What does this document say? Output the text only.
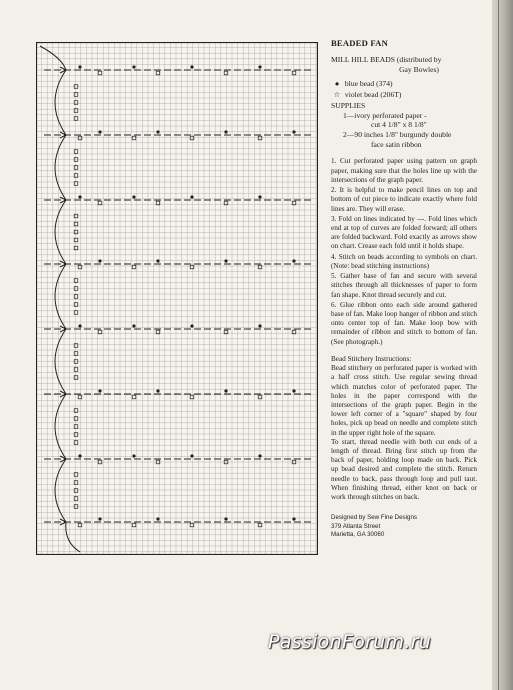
BEADED FAN
MILL HILL BEADS (distributed by
Gay Bowles)
● blue bead (374)
☆ violet bead (206T)
SUPPLIES
1—ivory perforated paper -
cut 4 1/8" x 8 1/8"
2—90 inches 1/8" burgundy double
face satin ribbon

1. Cut perforated paper using pattern on graph paper, making sure that the holes line up with the intersections of the graph paper.

2. It is helpful to make pencil lines on top and bottom of cut piece to indicate exactly where fold lines are. They will erase.

3. Fold on lines indicated by ---. Fold lines which end at top of curves are folded forward; all others are folded backward. Fold exactly as arrows show on chart. Crease each fold until it holds shape.

4. Stitch on beads according to symbols on chart. (Note: bead stitching instructions)

5. Gather base of fan and secure with several stitches through all thicknesses of paper to form fan shape. Knot thread securely and cut.

6. Glue ribbon onto each side around gathered base of fan. Make loop hanger of ribbon and stitch onto center top of fan. Make loop bow with remainder of ribbon and stitch to bottom of fan. (See photograph.)

Bead Stitchery Instructions:

Bead stitchery on perforated paper is worked with a half cross stitch. Use regular sewing thread which matches color of perforated paper. The holes in the paper correspond with the intersections of the graph paper. Begin in the lower left corner of a "square" shaped by four holes, pick up bead on needle and complete stitch in the upper right hole of the square.

To start, thread needle with both cut ends of a length of thread. Bring first stitch up from the back of paper, holding loop made on back. Pick up bead desired and complete the stitch. Return needle to back, pass through loop and pull taut. When finishing thread, either knot on back or work through stitches on back.

Designed by Sew Fine Designs
379 Atlanta Street
Marietta, GA 30060
PassionForum.ru
